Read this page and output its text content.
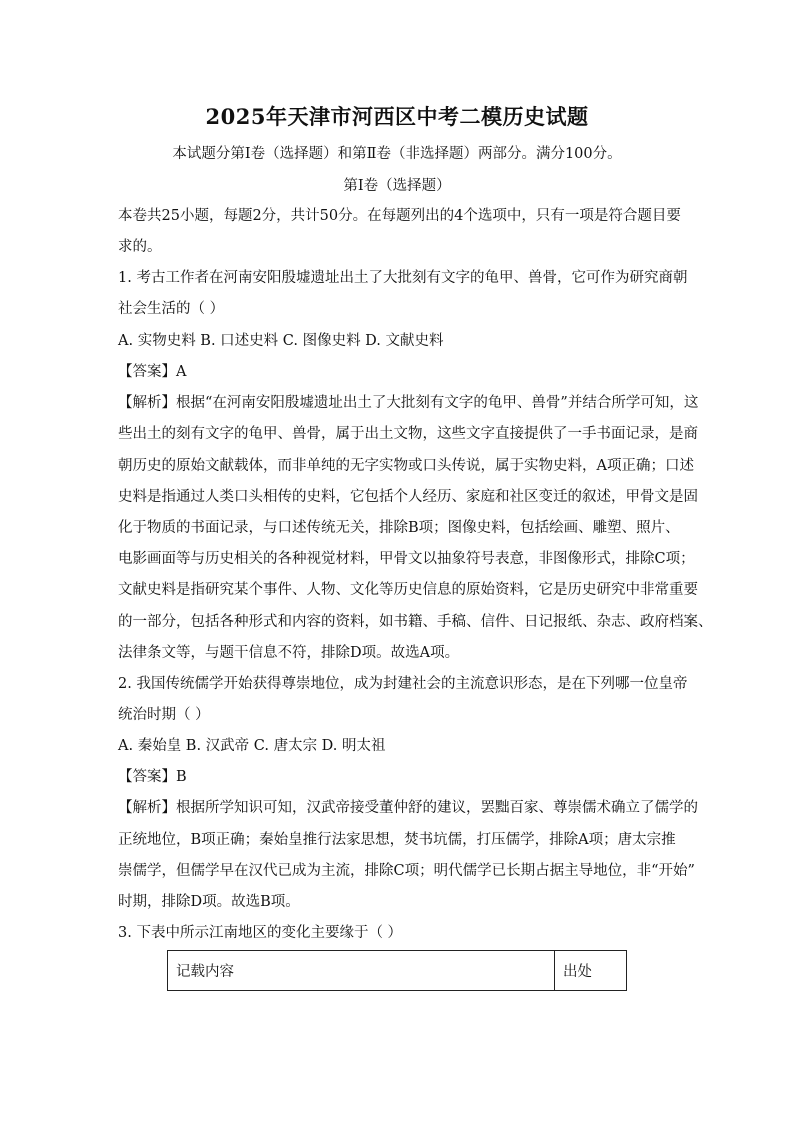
2025年天津市河西区中考二模历史试题
本试题分第Ⅰ卷（选择题）和第Ⅱ卷（非选择题）两部分。满分100分。
第Ⅰ卷（选择题）
本卷共25小题，每题2分，共计50分。在每题列出的4个选项中，只有一项是符合题目要
求的。
1. 考古工作者在河南安阳殷墟遗址出土了大批刻有文字的龟甲、兽骨，它可作为研究商朝
社会生活的（ ）
A. 实物史料 B. 口述史料 C. 图像史料 D. 文献史料
【答案】A
【解析】根据“在河南安阳殷墟遗址出土了大批刻有文字的龟甲、兽骨”并结合所学可知，这
些出土的刻有文字的龟甲、兽骨，属于出土文物，这些文字直接提供了一手书面记录，是商
朝历史的原始文献载体，而非单纯的无字实物或口头传说，属于实物史料，A项正确；口述
史料是指通过人类口头相传的史料，它包括个人经历、家庭和社区变迁的叙述，甲骨文是固
化于物质的书面记录，与口述传统无关，排除B项；图像史料，包括绘画、雕塑、照片、
电影画面等与历史相关的各种视觉材料，甲骨文以抽象符号表意，非图像形式，排除C项；
文献史料是指研究某个事件、人物、文化等历史信息的原始资料，它是历史研究中非常重要
的一部分，包括各种形式和内容的资料，如书籍、手稿、信件、日记报纸、杂志、政府档案、
法律条文等，与题干信息不符，排除D项。故选A项。
2. 我国传统儒学开始获得尊崇地位，成为封建社会的主流意识形态，是在下列哪一位皇帝
统治时期（ ）
A. 秦始皇 B. 汉武帝 C. 唐太宗 D. 明太祖
【答案】B
【解析】根据所学知识可知，汉武帝接受董仲舒的建议，罢黜百家、尊崇儒术确立了儒学的
正统地位，B项正确；秦始皇推行法家思想，焚书坑儒，打压儒学，排除A项；唐太宗推
崇儒学，但儒学早在汉代已成为主流，排除C项；明代儒学已长期占据主导地位，非“开始”
时期，排除D项。故选B项。
3. 下表中所示江南地区的变化主要缘于（ ）
记载内容	出处
